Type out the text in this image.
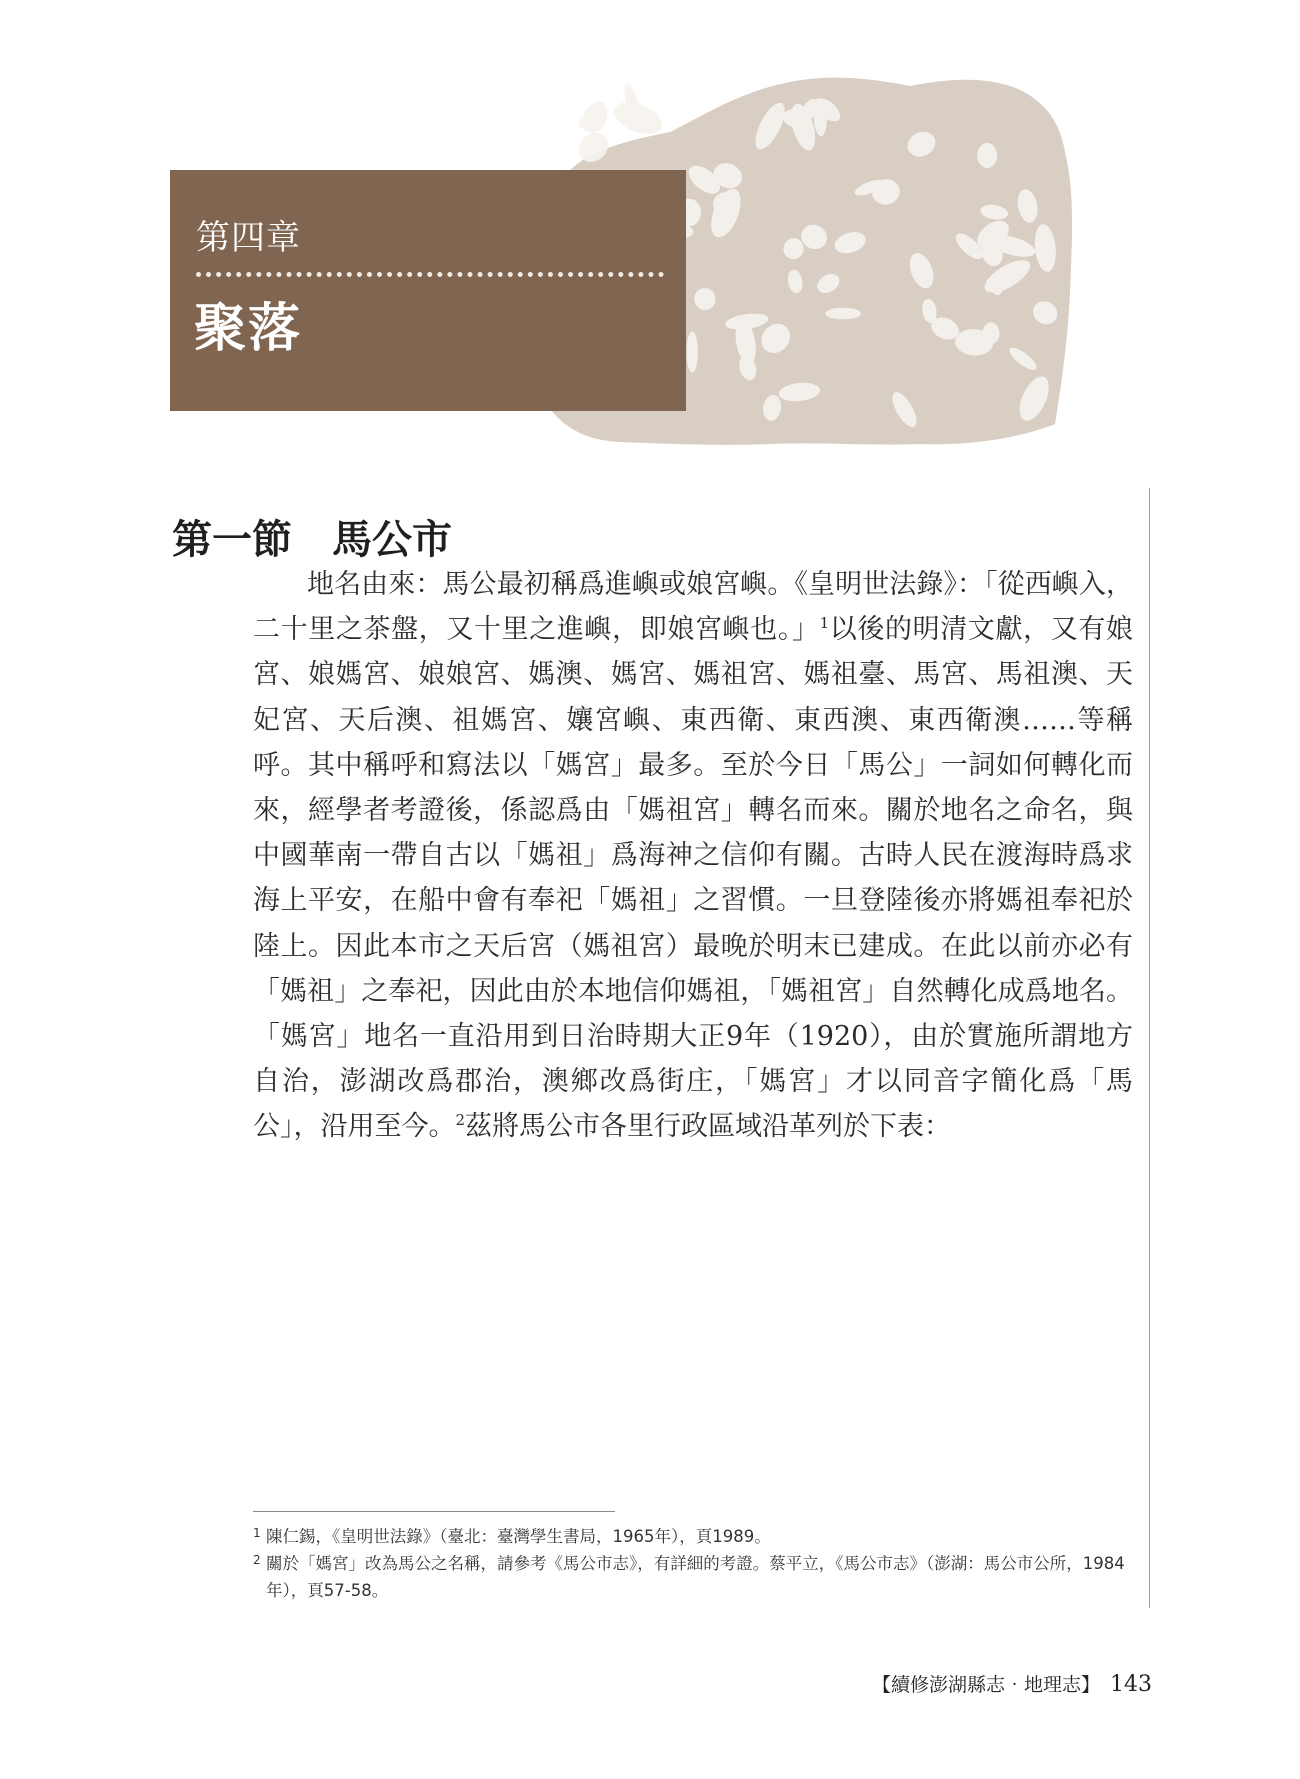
第四章
聚落
第一節 馬公市

地名由來：馬公最初稱爲進嶼或娘宮嶼。《皇明世法錄》：「從西嶼入，二十里之茶盤，又十里之進嶼，即娘宮嶼也。」$^1$以後的明清文獻，又有娘宮、娘媽宮、娘娘宮、媽澳、媽宮、媽祖宮、媽祖臺、馬宮、馬祖澳、天妃宮、天后澳、祖媽宮、孃宮嶼、東西衛、東西澳、東西衛澳……等稱呼。其中稱呼和寫法以「媽宮」最多。至於今日「馬公」一詞如何轉化而來，經學者考證後，係認爲由「媽祖宮」轉名而來。關於地名之命名，與中國華南一帶自古以「媽祖」爲海神之信仰有關。古時人民在渡海時爲求海上平安，在船中會有奉祀「媽祖」之習慣。一旦登陸後亦將媽祖奉祀於陸上。因此本市之天后宮（媽祖宮）最晚於明末已建成。在此以前亦必有「媽祖」之奉祀，因此由於本地信仰媽祖，「媽祖宮」自然轉化成爲地名。「媽宮」地名一直沿用到日治時期大正9年（1920），由於實施所謂地方自治，澎湖改爲郡治，澳鄉改爲街庄，「媽宮」才以同音字簡化爲「馬公」，沿用至今。$^2$茲將馬公市各里行政區域沿革列於下表：

1 陳仁錫，《皇明世法錄》（臺北：臺灣學生書局，1965年），頁1989。
2 關於「媽宮」改為馬公之名稱，請參考《馬公市志》，有詳細的考證。蔡平立，《馬公市志》（澎湖：馬公市公所，1984年），頁57-58。
【續修澎湖縣志‧地理志】 143
